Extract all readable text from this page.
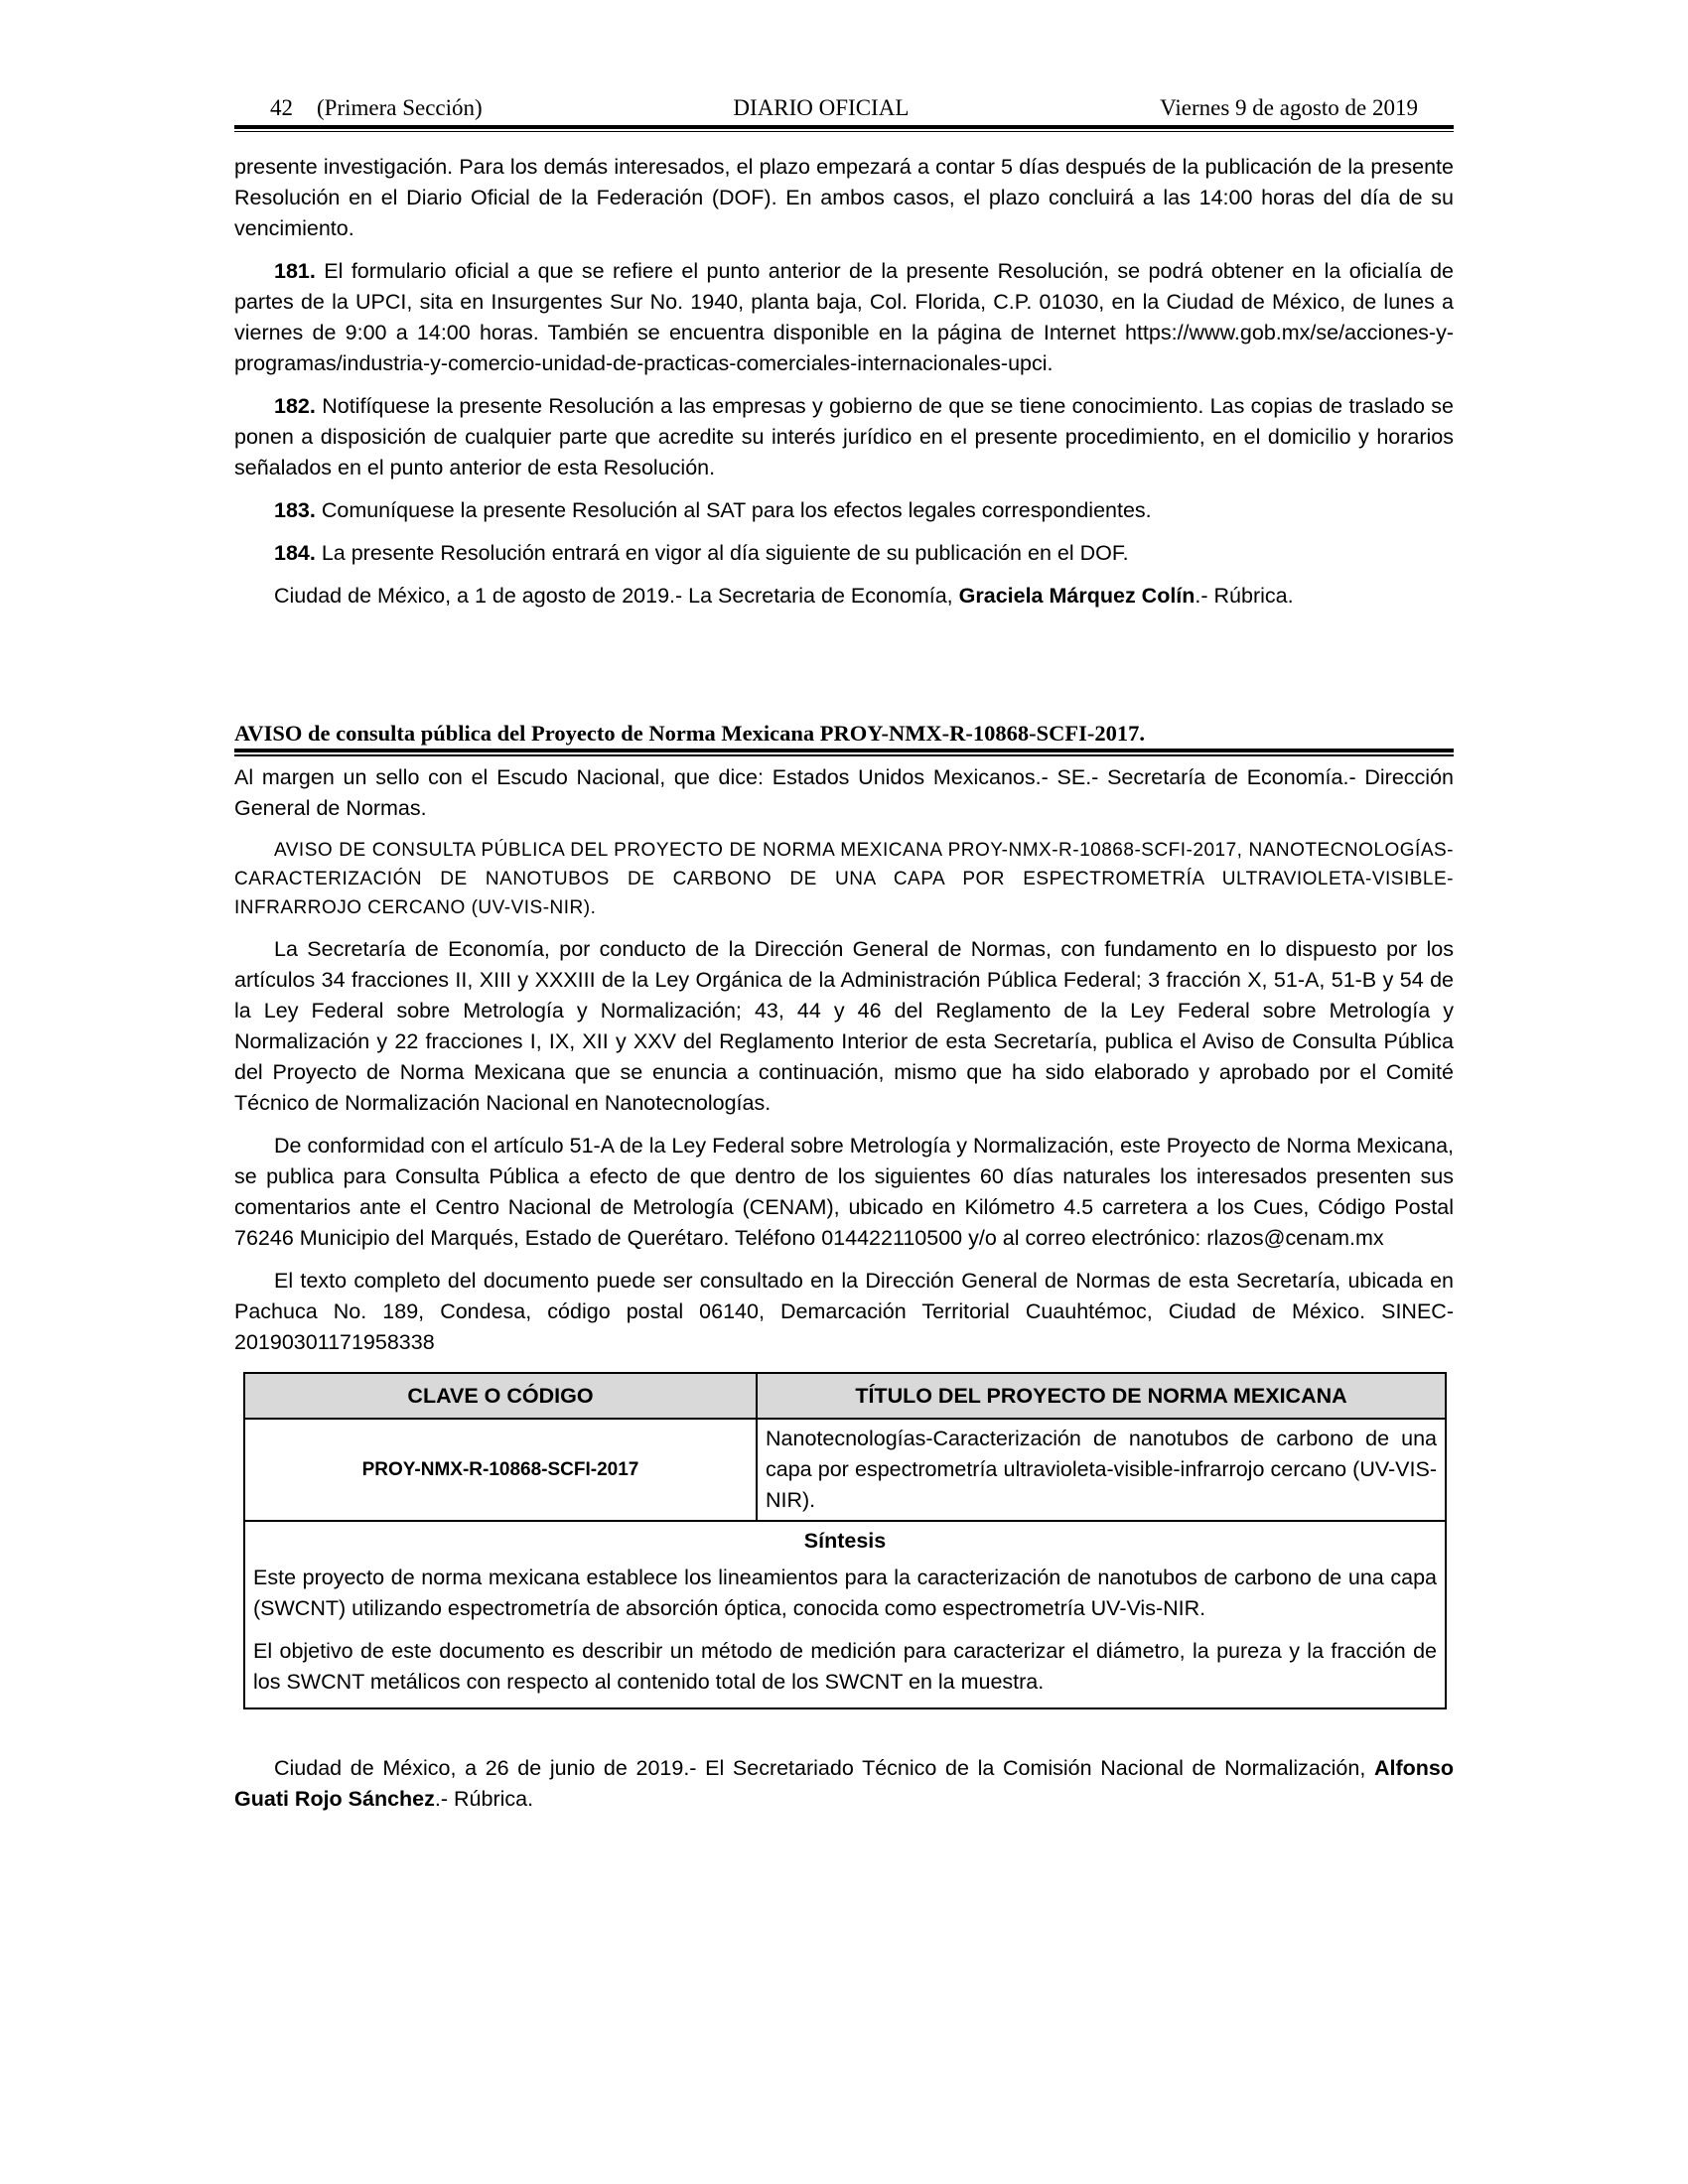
42 (Primera Sección)	DIARIO OFICIAL	Viernes 9 de agosto de 2019

presente investigación. Para los demás interesados, el plazo empezará a contar 5 días después de la publicación de la presente Resolución en el Diario Oficial de la Federación (DOF). En ambos casos, el plazo concluirá a las 14:00 horas del día de su vencimiento.

181. El formulario oficial a que se refiere el punto anterior de la presente Resolución, se podrá obtener en la oficialía de partes de la UPCI, sita en Insurgentes Sur No. 1940, planta baja, Col. Florida, C.P. 01030, en la Ciudad de México, de lunes a viernes de 9:00 a 14:00 horas. También se encuentra disponible en la página de Internet https://www.gob.mx/se/acciones-y-programas/industria-y-comercio-unidad-de-practicas-comerciales-internacionales-upci.

182. Notifíquese la presente Resolución a las empresas y gobierno de que se tiene conocimiento. Las copias de traslado se ponen a disposición de cualquier parte que acredite su interés jurídico en el presente procedimiento, en el domicilio y horarios señalados en el punto anterior de esta Resolución.

183. Comuníquese la presente Resolución al SAT para los efectos legales correspondientes.

184. La presente Resolución entrará en vigor al día siguiente de su publicación en el DOF.

Ciudad de México, a 1 de agosto de 2019.- La Secretaria de Economía, Graciela Márquez Colín.- Rúbrica.

AVISO de consulta pública del Proyecto de Norma Mexicana PROY-NMX-R-10868-SCFI-2017.

Al margen un sello con el Escudo Nacional, que dice: Estados Unidos Mexicanos.- SE.- Secretaría de Economía.- Dirección General de Normas.

AVISO DE CONSULTA PÚBLICA DEL PROYECTO DE NORMA MEXICANA PROY-NMX-R-10868-SCFI-2017, NANOTECNOLOGÍAS-CARACTERIZACIÓN DE NANOTUBOS DE CARBONO DE UNA CAPA POR ESPECTROMETRÍA ULTRAVIOLETA-VISIBLE-INFRARROJO CERCANO (UV-VIS-NIR).

La Secretaría de Economía, por conducto de la Dirección General de Normas, con fundamento en lo dispuesto por los artículos 34 fracciones II, XIII y XXXIII de la Ley Orgánica de la Administración Pública Federal; 3 fracción X, 51-A, 51-B y 54 de la Ley Federal sobre Metrología y Normalización; 43, 44 y 46 del Reglamento de la Ley Federal sobre Metrología y Normalización y 22 fracciones I, IX, XII y XXV del Reglamento Interior de esta Secretaría, publica el Aviso de Consulta Pública del Proyecto de Norma Mexicana que se enuncia a continuación, mismo que ha sido elaborado y aprobado por el Comité Técnico de Normalización Nacional en Nanotecnologías.

De conformidad con el artículo 51-A de la Ley Federal sobre Metrología y Normalización, este Proyecto de Norma Mexicana, se publica para Consulta Pública a efecto de que dentro de los siguientes 60 días naturales los interesados presenten sus comentarios ante el Centro Nacional de Metrología (CENAM), ubicado en Kilómetro 4.5 carretera a los Cues, Código Postal 76246 Municipio del Marqués, Estado de Querétaro. Teléfono 014422110500 y/o al correo electrónico: rlazos@cenam.mx

El texto completo del documento puede ser consultado en la Dirección General de Normas de esta Secretaría, ubicada en Pachuca No. 189, Condesa, código postal 06140, Demarcación Territorial Cuauhtémoc, Ciudad de México. SINEC-20190301171958338

CLAVE O CÓDIGO	TÍTULO DEL PROYECTO DE NORMA MEXICANA
PROY-NMX-R-10868-SCFI-2017	Nanotecnologías-Caracterización de nanotubos de carbono de una capa por espectrometría ultravioleta-visible-infrarrojo cercano (UV-VIS-NIR).

Síntesis

Este proyecto de norma mexicana establece los lineamientos para la caracterización de nanotubos de carbono de una capa (SWCNT) utilizando espectrometría de absorción óptica, conocida como espectrometría UV-Vis-NIR.

El objetivo de este documento es describir un método de medición para caracterizar el diámetro, la pureza y la fracción de los SWCNT metálicos con respecto al contenido total de los SWCNT en la muestra.	

Ciudad de México, a 26 de junio de 2019.- El Secretariado Técnico de la Comisión Nacional de Normalización, Alfonso Guati Rojo Sánchez.- Rúbrica.
